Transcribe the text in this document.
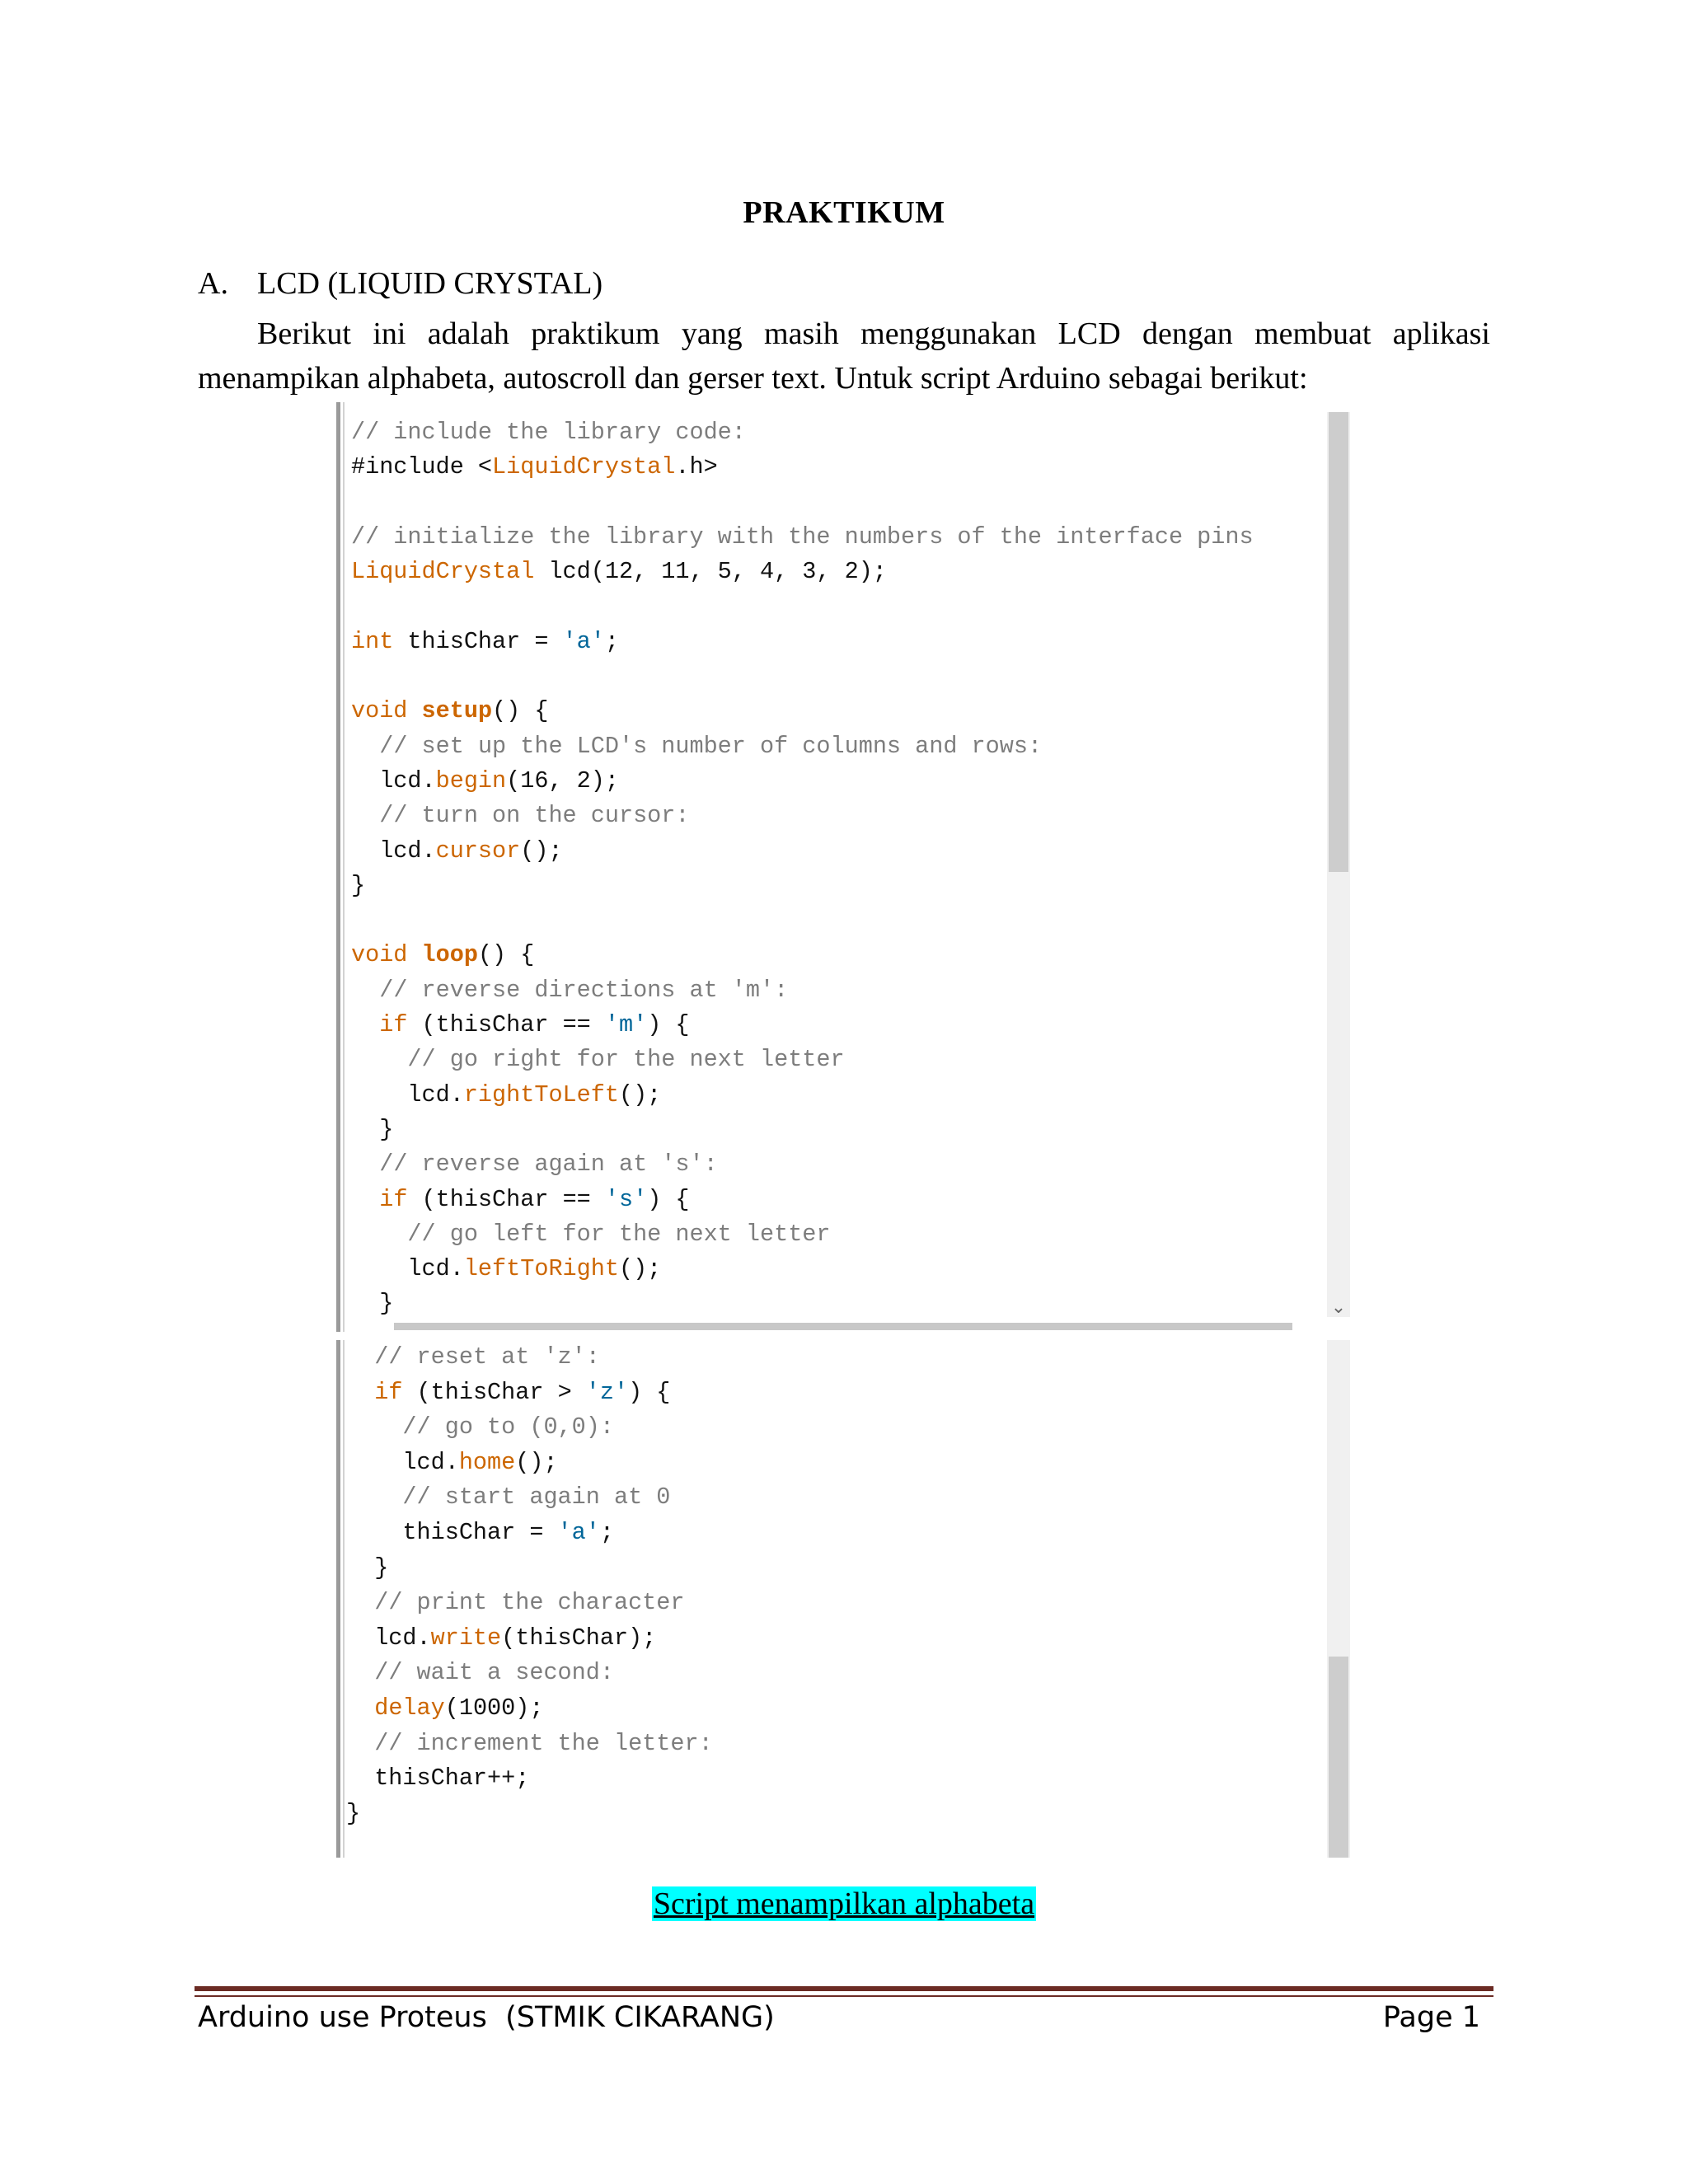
PRAKTIKUM
A. LCD (LIQUID CRYSTAL)
Berikut ini adalah praktikum yang masih menggunakan LCD dengan membuat aplikasi
menampikan alphabeta, autoscroll dan gerser text. Untuk script Arduino sebagai berikut:
// include the library code:
#include <LiquidCrystal.h>
// initialize the library with the numbers of the interface pins
LiquidCrystal lcd(12, 11, 5, 4, 3, 2);
int thisChar = 'a';
void setup() {
// set up the LCD's number of columns and rows:
lcd.begin(16, 2);
// turn on the cursor:
lcd.cursor();
}
void loop() {
// reverse directions at 'm':
if (thisChar == 'm') {
// go right for the next letter
lcd.rightToLeft();
}
// reverse again at 's':
if (thisChar == 's') {
// go left for the next letter
lcd.leftToRight();
}	⌄
// reset at 'z':
if (thisChar > 'z') {
// go to (0,0):
lcd.home();
// start again at 0
thisChar = 'a';
}
// print the character
lcd.write(thisChar);
// wait a second:
delay(1000);
// increment the letter:
thisChar++;
}
Script menampilkan alphabeta
Arduino use Proteus  (STMIK CIKARANG)	Page 1
